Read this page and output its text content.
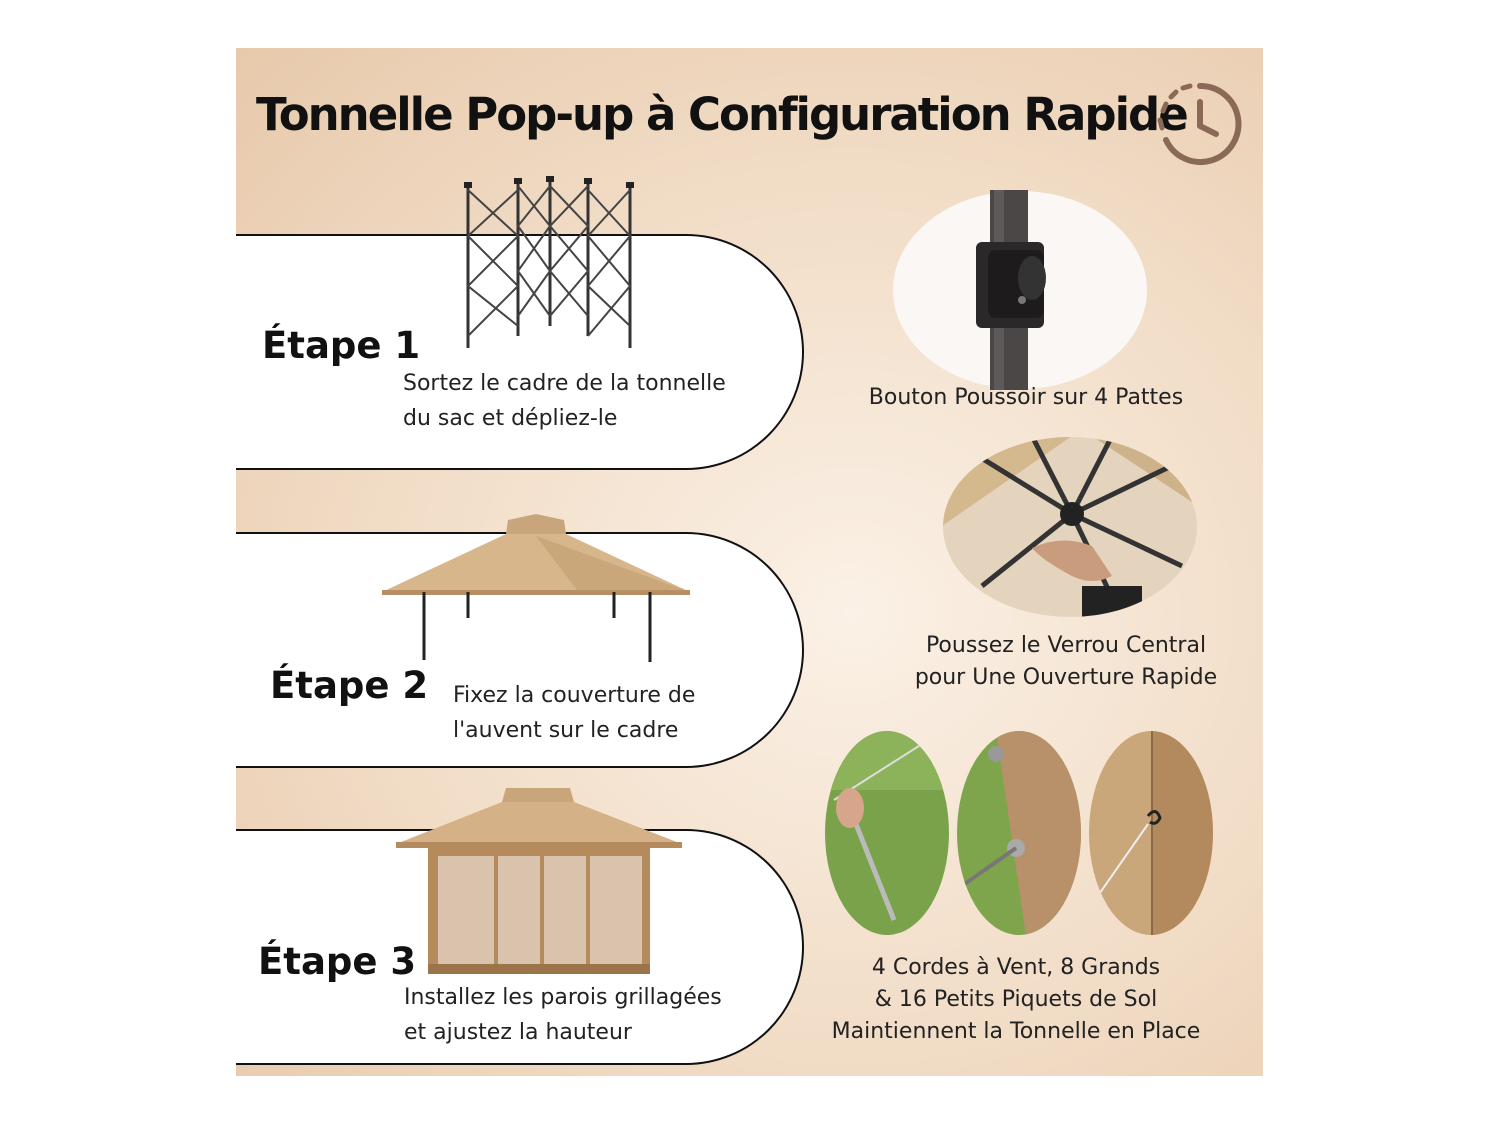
Tonnelle Pop-up à Configuration Rapide
Étape 1
Sortez le cadre de la tonnelle
du sac et dépliez-le
Étape 2 Fixez la couverture de
l'auvent sur le cadre
Étape 3
Installez les parois grillagées
et ajustez la hauteur
Bouton Poussoir sur 4 Pattes
Poussez le Verrou Central
pour Une Ouverture Rapide
4 Cordes à Vent, 8 Grands
& 16 Petits Piquets de Sol
Maintiennent la Tonnelle en Place
